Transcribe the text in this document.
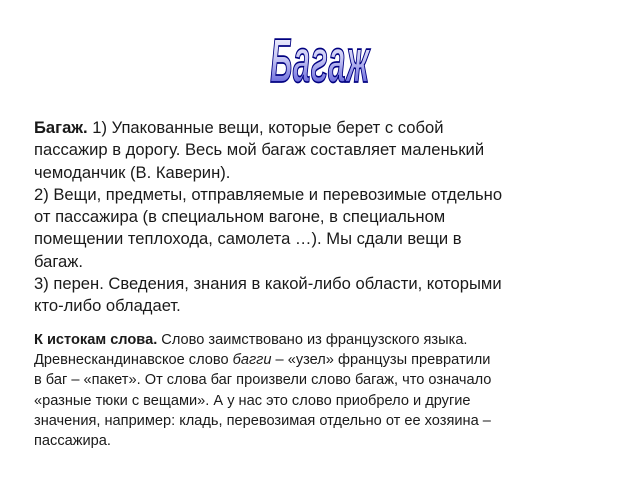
Багаж

Багаж. 1) Упакованные вещи, которые берет с собой

пассажир в дорогу. Весь мой багаж составляет маленький

чемоданчик (В. Каверин).

2) Вещи, предметы, отправляемые и перевозимые отдельно

от пассажира (в специальном вагоне, в специальном

помещении теплохода, самолета …). Мы сдали вещи в

багаж.

3) перен. Сведения, знания в какой-либо области, которыми

кто-либо обладает.

К истокам слова. Слово заимствовано из французского языка.

Древнескандинавское слово багги – «узел» французы превратили

в баг – «пакет». От слова баг произвели слово багаж, что означало

«разные тюки с вещами». А у нас это слово приобрело и другие

значения, например: кладь, перевозимая отдельно от ее хозяина –

пассажира.
